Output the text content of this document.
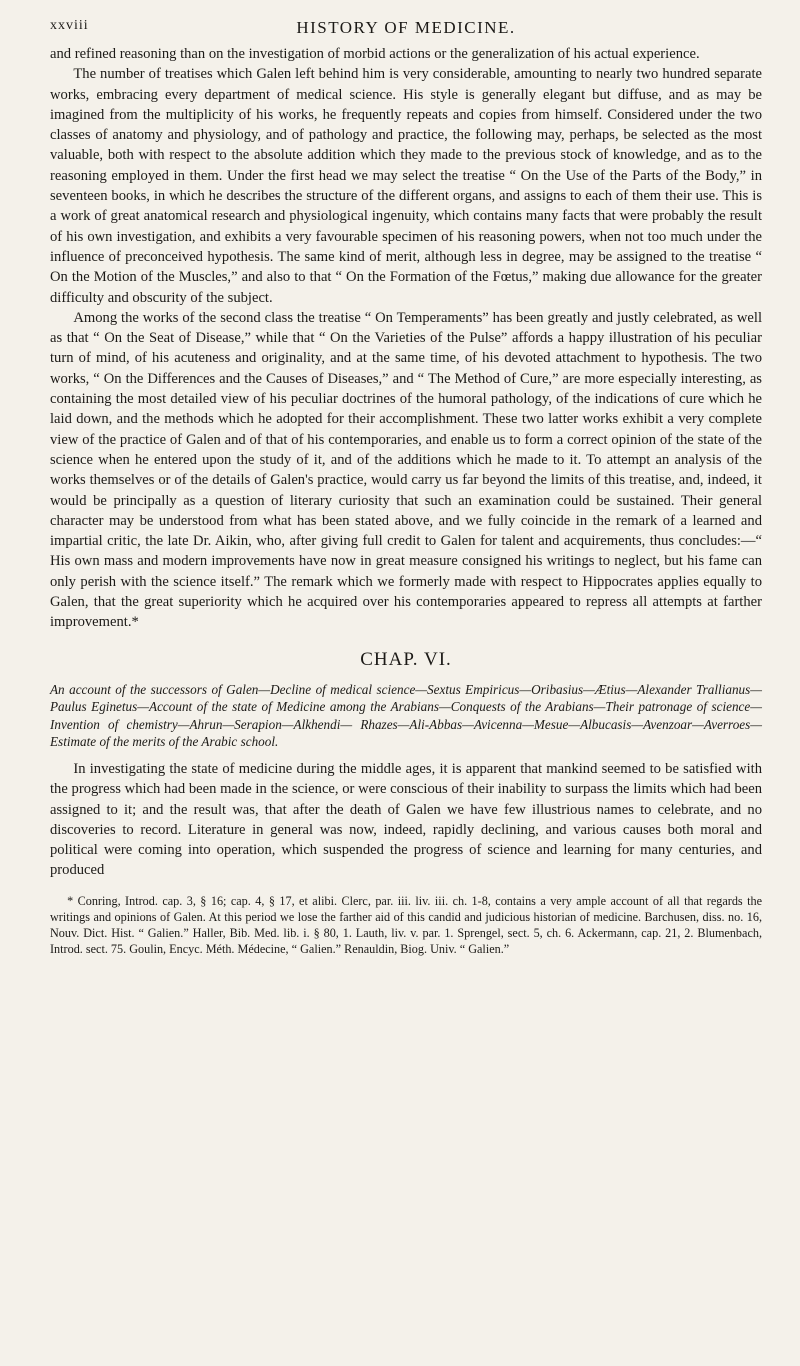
xxviii	HISTORY OF MEDICINE.

and refined reasoning than on the investigation of morbid actions or the generalization of his actual experience.

The number of treatises which Galen left behind him is very considerable, amounting to nearly two hundred separate works, embracing every department of medical science. His style is generally elegant but diffuse, and as may be imagined from the multiplicity of his works, he frequently repeats and copies from himself. Considered under the two classes of anatomy and physiology, and of pathology and practice, the following may, perhaps, be selected as the most valuable, both with respect to the absolute addition which they made to the previous stock of knowledge, and as to the reasoning employed in them. Under the first head we may select the treatise “ On the Use of the Parts of the Body,” in seventeen books, in which he describes the structure of the different organs, and assigns to each of them their use. This is a work of great anatomical research and physiological ingenuity, which contains many facts that were probably the result of his own investigation, and exhibits a very favourable specimen of his reasoning powers, when not too much under the influence of preconceived hypothesis. The same kind of merit, although less in degree, may be assigned to the treatise “ On the Motion of the Muscles,” and also to that “ On the Formation of the Fœtus,” making due allowance for the greater difficulty and obscurity of the subject.

Among the works of the second class the treatise “ On Temperaments” has been greatly and justly celebrated, as well as that “ On the Seat of Disease,” while that “ On the Varieties of the Pulse” affords a happy illustration of his peculiar turn of mind, of his acuteness and originality, and at the same time, of his devoted attachment to hypothesis. The two works, “ On the Differences and the Causes of Diseases,” and “ The Method of Cure,” are more especially interesting, as containing the most detailed view of his peculiar doctrines of the humoral pathology, of the indications of cure which he laid down, and the methods which he adopted for their accomplishment. These two latter works exhibit a very complete view of the practice of Galen and of that of his contemporaries, and enable us to form a correct opinion of the state of the science when he entered upon the study of it, and of the additions which he made to it. To attempt an analysis of the works themselves or of the details of Galen's practice, would carry us far beyond the limits of this treatise, and, indeed, it would be principally as a question of literary curiosity that such an examination could be sustained. Their general character may be understood from what has been stated above, and we fully coincide in the remark of a learned and impartial critic, the late Dr. Aikin, who, after giving full credit to Galen for talent and acquirements, thus concludes:—“ His own mass and modern improvements have now in great measure consigned his writings to neglect, but his fame can only perish with the science itself.” The remark which we formerly made with respect to Hippocrates applies equally to Galen, that the great superiority which he acquired over his contemporaries appeared to repress all attempts at farther improvement.*

CHAP. VI.

An account of the successors of Galen—Decline of medical science—Sextus Empiricus—Oribasius—Ætius—Alexander Trallianus—Paulus Eginetus—Account of the state of Medicine among the Arabians—Conquests of the Arabians—Their patronage of science—Invention of chemistry—Ahrun—Serapion—Alkhendi— Rhazes—Ali-Abbas—Avicenna—Mesue—Albucasis—Avenzoar—Averroes—Estimate of the merits of the Arabic school.

In investigating the state of medicine during the middle ages, it is apparent that mankind seemed to be satisfied with the progress which had been made in the science, or were conscious of their inability to surpass the limits which had been assigned to it; and the result was, that after the death of Galen we have few illustrious names to celebrate, and no discoveries to record. Literature in general was now, indeed, rapidly declining, and various causes both moral and political were coming into operation, which suspended the progress of science and learning for many centuries, and produced

* Conring, Introd. cap. 3, § 16; cap. 4, § 17, et alibi. Clerc, par. iii. liv. iii. ch. 1-8, contains a very ample account of all that regards the writings and opinions of Galen. At this period we lose the farther aid of this candid and judicious historian of medicine. Barchusen, diss. no. 16, Nouv. Dict. Hist. “ Galien.” Haller, Bib. Med. lib. i. § 80, 1. Lauth, liv. v. par. 1. Sprengel, sect. 5, ch. 6. Ackermann, cap. 21, 2. Blumenbach, Introd. sect. 75. Goulin, Encyc. Méth. Médecine, “ Galien.” Renauldin, Biog. Univ. “ Galien.”
